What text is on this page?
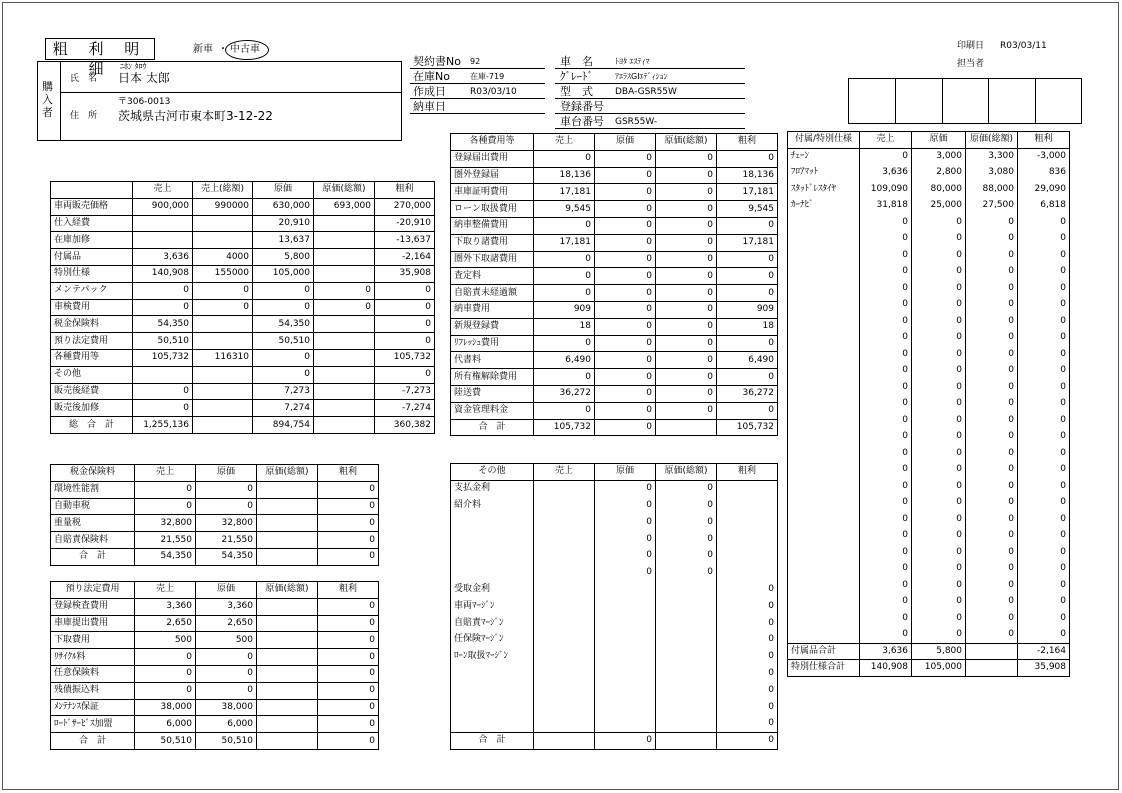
粗 利 明 細
新車 ・ 中古車	印刷日 R03/03/11
担当者
購入者
ﾆﾎﾝ ﾀﾛｳ
氏　名 日本 太郎
〒306-0013
住　所 茨城県古河市東本町3-12-22
契約書No 92
在庫No	在庫-719
作成日	R03/03/10
納車日
車　名	ﾄﾖﾀ ｴｽﾃｨﾏ
ｸﾞﾚｰﾄﾞ	ｱｴﾗｽGIｴﾃﾞｨｼｮﾝ
型　式 DBA-GSR55W
登録番号
車台番号 GSR55W-
	売上	売上(総額)	原価	原価(総額)	粗利
車両販売価格	900,000	990000	630,000	693,000	270,000
仕入経費			20,910		-20,910
在庫加修			13,637		-13,637
付属品	3,636	4000	5,800		-2,164
特別仕様	140,908	155000	105,000		35,908
メンテパック	0	0	0	0	0
車検費用	0	0	0	0	0
税金保険料	54,350		54,350		0
預り法定費用	50,510		50,510		0
各種費用等	105,732	116310	0		105,732
その他			0		0
販売後経費	0		7,273		-7,273
販売後加修	0		7,274		-7,274
総　合　計	1,255,136		894,754		360,382
各種費用等	売上	原価	原価(総額)	粗利
登録届出費用	0	0	0	0
圏外登録届	18,136	0	0	18,136
車庫証明費用	17,181	0	0	17,181
ローン取扱費用	9,545	0	0	9,545
納車整備費用	0	0	0	0
下取り諸費用	17,181	0	0	17,181
圏外下取諸費用	0	0	0	0
査定料	0	0	0	0
自賠責未経過額	0	0	0	0
納車費用	909	0	0	909
新規登録費	18	0	0	18
ﾘﾌﾚｯｼｭ費用	0	0	0	0
代書料	6,490	0	0	6,490
所有権解除費用	0	0	0	0
陸送費	36,272	0	0	36,272
資金管理料金	0	0	0	0
合　計	105,732	0		105,732
付属/特別仕様	売上	原価	原価(総額)	粗利
ﾁｪｰﾝ	0	3,000	3,300	-3,000
ﾌﾛｱﾏｯﾄ	3,636	2,800	3,080	836
ｽﾀｯﾄﾞﾚｽﾀｲﾔ	109,090	80,000	88,000	29,090
ｶｰﾅﾋﾞ	31,818	25,000	27,500	6,818
	0	0	0	0
	0	0	0	0
	0	0	0	0
	0	0	0	0
	0	0	0	0
	0	0	0	0
	0	0	0	0
	0	0	0	0
	0	0	0	0
	0	0	0	0
	0	0	0	0
	0	0	0	0
	0	0	0	0
	0	0	0	0
	0	0	0	0
	0	0	0	0
	0	0	0	0
	0	0	0	0
	0	0	0	0
	0	0	0	0
	0	0	0	0
	0	0	0	0
	0	0	0	0
	0	0	0	0
	0	0	0	0
	0	0	0	0
付属品合計	3,636	5,800		-2,164
特別仕様合計	140,908	105,000		35,908
税金保険料	売上	原価	原価(総額)	粗利
環境性能割	0	0		0
自動車税	0	0		0
重量税	32,800	32,800		0
自賠責保険料	21,550	21,550		0
合　計	54,350	54,350		0
預り法定費用	売上	原価	原価(総額)	粗利
登録検査費用	3,360	3,360		0
車庫提出費用	2,650	2,650		0
下取費用	500	500		0
ﾘｻｲｸﾙ料	0	0		0
任意保険料	0	0		0
残債振込料	0	0		0
ﾒﾝﾃﾅﾝｽ保証	38,000	38,000		0
ﾛｰﾄﾞｻｰﾋﾞｽ加盟	6,000	6,000		0
合　計	50,510	50,510		0
その他	売上	原価	原価(総額)	粗利
支払金利		0	0	
紹介料		0	0	
		0	0	
		0	0	
		0	0	
		0	0	
受取金利				0
車両ﾏｰｼﾞﾝ				0
自賠責ﾏｰｼﾞﾝ				0
任保険ﾏｰｼﾞﾝ				0
ﾛｰﾝ取扱ﾏｰｼﾞﾝ				0
				0
				0
				0
				0
合　計		0		0
